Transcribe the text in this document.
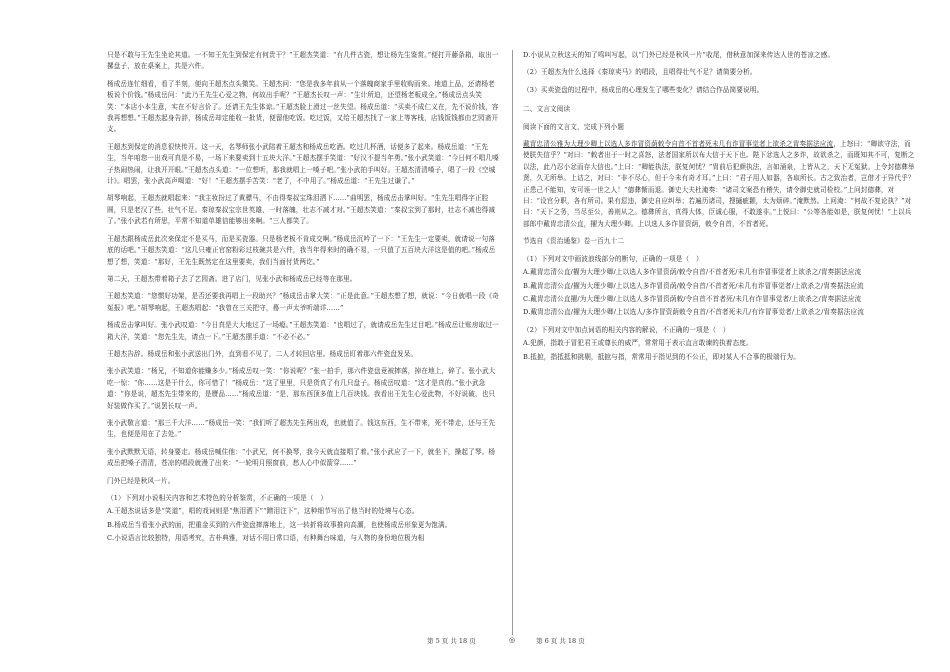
只是不敢与王先生坐论其道。一不知王先生到保定有何贵干？”王超杰笑道：“有几件古瓷，想让杨先生鉴赏。”便打开藤条箱，取出一摞盘子，放在桌案上，共是六件。

杨成岳连忙细看，看了半刻，便向王超杰点头微笑。王超杰问：“您是我多年前从一个落魄商家手里收购而来。地道上品，还请杨老板说个价钱。”杨成岳问：“此乃王先生心爱之物，何故出手呢？”王超杰长叹一声：“生计所迫，还望杨老板成全。”杨成岳点头笑笑：“本店小本生意，实在不好言价了。还请王先生体谅。”王超杰脸上滑过一丝失望。杨成岳道：“买卖不成仁义在，先不说价钱，容我再想想。”王超杰起身告辞，杨成岳却定能收一批货，便留他吃饭。吃过饭，又给王超杰找了一家上等客栈，店钱饭钱都由艺园斋开支。

王超杰到保定的消息很快传开。这一天，名琴师张小武陪着王超杰和杨成岳吃酒。吃过几杯酒，话便多了起来。杨成岳道：“王先生，当年咱您一出戏可真是不易，一场下来要卖到十五块大洋。”王超杰摆手笑道：“好汉不提当年勇。”张小武笑道：“今日何不唱几嗓子热闹热闹，让我开开眼。”王超杰点头道：“一位想听，那我就唱上一嗓子吧。”张小武拍手叫好。王超杰清清嗓子，唱了一段《空城计》。唱罢，张小武高声喝道：“好！”王超杰摆手苦笑：“老了，不中用了。”杨成岳道：“王先生过谦了。”

胡琴响起，王超杰就唱起来：“我主妆扮过了黄骠马，不由得秦叔宝珠泪洒下……”曲明罢，杨成岳击掌叫好。“生先生唱得字正腔圆，只是老汉了些，壮气不足。秦琼秦叔宝宗世英雄，一时落魄，壮志不减才对。”王超杰笑道：“秦叔宝到了那时，壮志不减也得减了。”张小武若有所思，平常不知道单雄信能够出来啊。“三人都笑了。

王超杰跟杨成岳此次来保定不是买马，而是买瓷器。只是杨老板不肯成交啊。”杨成岳沉吟了一下：“王先生一定要卖，就请说一句落底的话吧。”王超杰笑道：“这几只雍正官窑粉彩过枝碗共是六件，我当年得来时的确不易，一只值了五百块大洋这是值的吧。”杨成岳想了想，笑道：“那好，王先生既然定在这里要卖，我们当面付货两讫。”

第二天，王超杰带着箱子去了艺园斋。进了店门，见张小武和杨成岳已经等在那里。

王超杰笑道：“您惯好功架，是否还要我再唱上一段助兴？”杨成岳击掌大笑：“正是此意。”王超杰想了想，就说：“今日就唱一段《奇冤报》吧。”胡琴响起，王超杰唱起：“我曾在三关把守，蓦一声太爷听端详……”

杨成岳击掌叫好。张小武叹道：“今日真是大大地过了一场瘾。”王超杰笑道：“也唱过了，就请成岳先生过目吧。”杨成岳让账房取过一箱大洋，笑道：“您先生先，请点一下。”王超杰摆手道：“不必不必。”

王超杰告辞。杨成岳和张小武送出门外，直到看不见了，二人才转回店里。杨成岳盯着那六件瓷盘发呆。

张小武笑道：“杨兄，不知道你能赚多少。”杨成岳叹一笑：“你说呢？”张一拍手，那六件瓷盘竟被摔落，掉在地上，碎了。张小武大吃一惊：“你……这是干什么，你可惜了！”杨成岳：“这了里里，只是货真了有几只盘子。杨成岳叹道：“这才是真的。”张小武急道：“你是说，超杰先生带来的，是赝品……”杨成岳道：“是，那东西顶多值上几百块钱。我看出王先生心爱此物，不好说破，也只好装做作买了。”说罢长叹一声。

张小武敬言道：“那三千大洋……”杨成岳一笑：“我们听了超杰先生两出戏，也就值了。钱这东西，生不带来，死不带走，还与王先生，也便是用在了去处。”

张小武默默无语，转身要走。杨成岳喊住他：“小武兄，何不换琴，我今天就直接唱了着。”张小武应了一下，就坐下，操起了琴。杨成岳把嗓子清清，苍凉的唱段就漫了出来：“一轮明月照窗前，愁人心中似箭穿……”

门外已经是秋风一片。

（1）下列对小说相关内容和艺术特色的分析鉴赏，不正确的一项是（　）

A.王超杰说话多是“笑道”，唱的戏词则是“焦泪洒下”“蹭泪注下”，这种细节写出了他当时的处境与心态。

B.杨成岳当看张小武的面，把重金买到的六件瓷盘摔落地上，这一转折将故事推向高潮，也使杨成岳形象更为饱满。

C.小说语言比较独特，用语考究，古朴典雅，对话不用日常口语，有种舞台味道，与人物的身份地位极为相

D.小说从立秋这天的知了鸣叫写起，以“门外已经是秋风一片”收尾，借秋意加深来传达人世的苍凉之感。

（2）王超杰为什么选择《秦琼卖马》的唱段，且唱得壮气不足？请简要分析。

（3）买卖瓷盘的过程中，杨成岳的心理发生了哪些变化？请结合作品简要说明。

二、文言文阅读

阅读下面的文言文，完成下列小题

戴胄忠清公雅为大理少卿上以选人多诈冒资荫敕令自首不首者死未几有诈冒事觉者上欲杀之胄奏据法应流，上怒曰：“卿欲守法，而使朕失信乎？”对曰：“敕者出于一时之喜怒，法者国家所以布大信于天下也。陛下忿选人之多诈，故欲杀之，而既知其不可，复断之以法，此乃忍小忿而存大信也。”上曰：“卿能执法，朕复何忧？”胄前后犯颜执法，言如涌泉，上皆从之，天下无冤狱。上令封德彝举贤，久无所举。上诘之，对曰：“非不尽心，但于今未有奇才耳。”上曰：“君子用人如器，各取所长。古之致治者，岂借才于异代乎？正患己不能知，安可诬一世之人！”德彝惭而退。御史大夫杜淹奏：“诸司文案恐有稽失，请令御史就司检校。”上问封德彝，对曰：“设官分职，各有所司。果有愆违，御史自应纠举；若遍历诸司，搜擿疵颣，太为烦碎。”淹默然。上问淹：“何故不复论执？”对曰：“天下之务，当尽至公，善则从之。德彝所言，真得大体，臣诚心服，不敢遂非。”上悦曰：“公等各能如是，朕复何忧！”上以兵部郎中戴胄忠清公直，擢为大理少卿。上以选人多诈冒资荫，敕令自首，不首者死。

节选自《资治通鉴》卷一百九十二

（1）下列对文中画波浪线部分的断句，正确的一项是（　）

A.戴胄忠清公直/擢为大理少卿/上以选人多诈冒资荫/敕令自首/不首者死/未几有诈冒事觉者上欲杀之/胄奏据法应流

B.戴胄忠清公直/擢为大理少卿/上以选人多诈冒资荫/敕令自首/不首者死/未几有诈冒事觉者/上欲杀之/胄奏据法应流

C.戴胄忠清公直擢/为大理少卿/上以选人多诈冒资荫敕/令自首不首者死/未几有诈冒事觉者/上欲杀之/胄奏据法应流

D.戴胄忠清公直/擢为大理少卿/上以选人/多诈冒资荫敕令自首/不首者死未几/有诈冒事觉者/上欲杀之/胄奏据法应流

（2）下列对文中加点词语的相关内容的解说，不正确的一项是（　）

A.犯颜，指敢于冒犯君王或尊长的威严，常常用于表示直言敢谏的执着态度。

B.抵摭，指抵抵和挑剔，抵摭与指，常常用于指见到的不公正，即对某人不合事的极端行为。

第 5 页 共 18 页	◎	第 6 页 共 18 页
